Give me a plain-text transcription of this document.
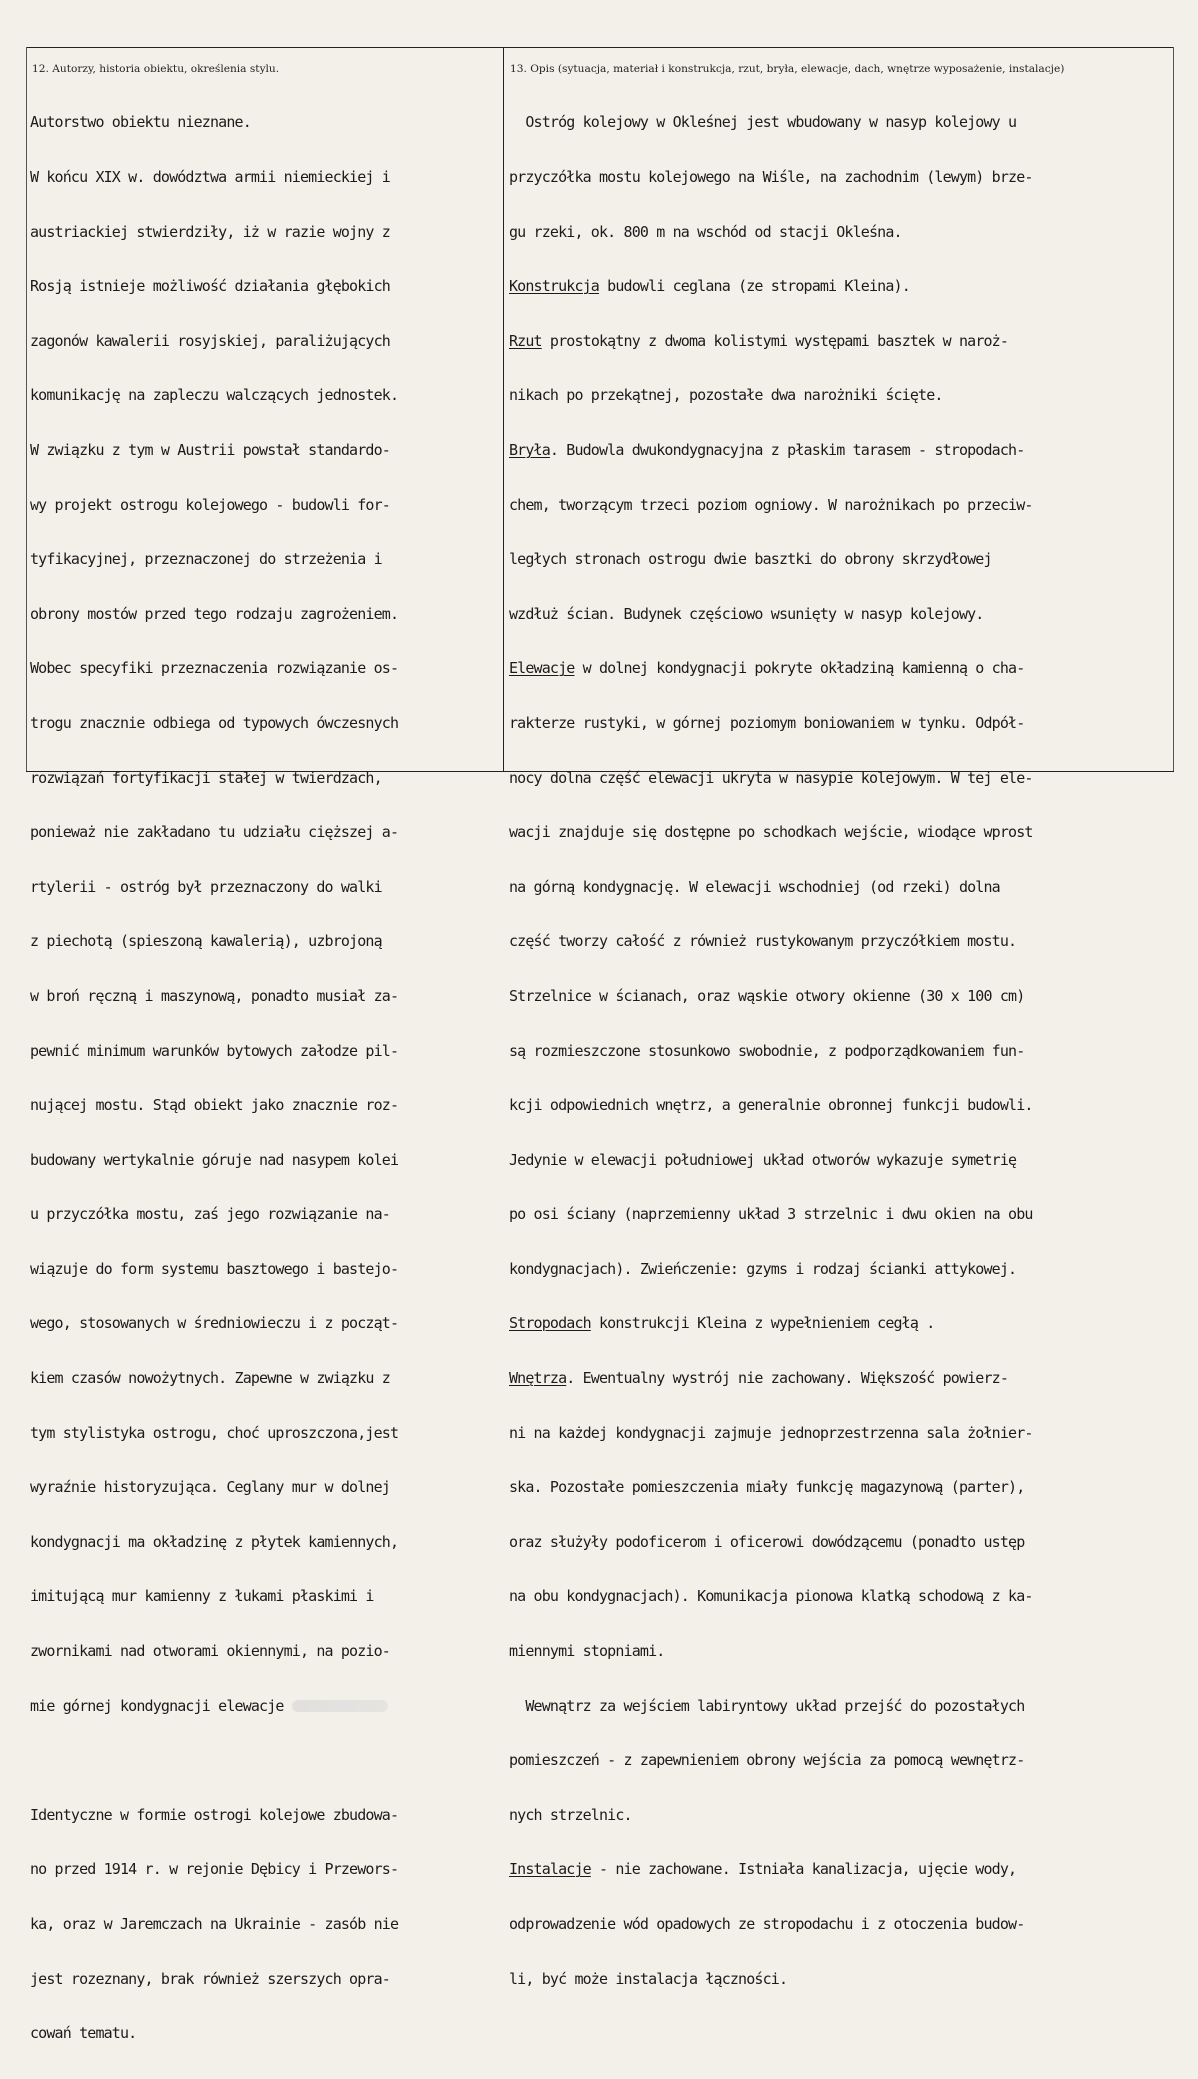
12. Autorzy, historia obiektu, określenia stylu.	13. Opis (sytuacja, materiał i konstrukcja, rzut, bryła, elewacje, dach, wnętrze wyposażenie, instalacje)

Autorstwo obiektu nieznane.

W końcu XIX w. dowództwa armii niemieckiej i

austriackiej stwierdziły, iż w razie wojny z

Rosją istnieje możliwość działania głębokich

zagonów kawalerii rosyjskiej, paraliżujących

komunikację na zapleczu walczących jednostek.

W związku z tym w Austrii powstał standardo-

wy projekt ostrogu kolejowego - budowli for-

tyfikacyjnej, przeznaczonej do strzeżenia i

obrony mostów przed tego rodzaju zagrożeniem.

Wobec specyfiki przeznaczenia rozwiązanie os-

trogu znacznie odbiega od typowych ówczesnych

rozwiązań fortyfikacji stałej w twierdzach,

ponieważ nie zakładano tu udziału cięższej a-

rtylerii - ostróg był przeznaczony do walki

z piechotą (spieszoną kawalerią), uzbrojoną

w broń ręczną i maszynową, ponadto musiał za-

pewnić minimum warunków bytowych załodze pil-

nującej mostu. Stąd obiekt jako znacznie roz-

budowany wertykalnie góruje nad nasypem kolei

u przyczółka mostu, zaś jego rozwiązanie na-

wiązuje do form systemu basztowego i bastejo-

wego, stosowanych w średniowieczu i z począt-

kiem czasów nowożytnych. Zapewne w związku z

tym stylistyka ostrogu, choć uproszczona,jest

wyraźnie historyzująca. Ceglany mur w dolnej

kondygnacji ma okładzinę z płytek kamiennych,

imitującą mur kamienny z łukami płaskimi i

zwornikami nad otworami okiennymi, na pozio-

mie górnej kondygnacji elewacje

Identyczne w formie ostrogi kolejowe zbudowa-

no przed 1914 r. w rejonie Dębicy i Przewors-

ka, oraz w Jaremczach na Ukrainie - zasób nie

jest rozeznany, brak również szerszych opra-

cowań tematu.

Ostróg kolejowy w Okleśnej jest wbudowany w nasyp kolejowy u

przyczółka mostu kolejowego na Wiśle, na zachodnim (lewym) brze-

gu rzeki, ok. 800 m na wschód od stacji Okleśna.

Konstrukcja budowli ceglana (ze stropami Kleina).

Rzut prostokątny z dwoma kolistymi występami basztek w naroż-

nikach po przekątnej, pozostałe dwa narożniki ścięte.

Bryła. Budowla dwukondygnacyjna z płaskim tarasem - stropodach-

chem, tworzącym trzeci poziom ogniowy. W narożnikach po przeciw-

ległych stronach ostrogu dwie basztki do obrony skrzydłowej

wzdłuż ścian. Budynek częściowo wsunięty w nasyp kolejowy.

Elewacje w dolnej kondygnacji pokryte okładziną kamienną o cha-

rakterze rustyki, w górnej poziomym boniowaniem w tynku. Odpół-

nocy dolna część elewacji ukryta w nasypie kolejowym. W tej ele-

wacji znajduje się dostępne po schodkach wejście, wiodące wprost

na górną kondygnację. W elewacji wschodniej (od rzeki) dolna

część tworzy całość z również rustykowanym przyczółkiem mostu.

Strzelnice w ścianach, oraz wąskie otwory okienne (30 x 100 cm)

są rozmieszczone stosunkowo swobodnie, z podporządkowaniem fun-

kcji odpowiednich wnętrz, a generalnie obronnej funkcji budowli.

Jedynie w elewacji południowej układ otworów wykazuje symetrię

po osi ściany (naprzemienny układ 3 strzelnic i dwu okien na obu

kondygnacjach). Zwieńczenie: gzyms i rodzaj ścianki attykowej.

Stropodach konstrukcji Kleina z wypełnieniem cegłą .

Wnętrza. Ewentualny wystrój nie zachowany. Większość powierz-

ni na każdej kondygnacji zajmuje jednoprzestrzenna sala żołnier-

ska. Pozostałe pomieszczenia miały funkcję magazynową (parter),

oraz służyły podoficerom i oficerowi dowódzącemu (ponadto ustęp

na obu kondygnacjach). Komunikacja pionowa klatką schodową z ka-

miennymi stopniami.

Wewnątrz za wejściem labiryntowy układ przejść do pozostałych

pomieszczeń - z zapewnieniem obrony wejścia za pomocą wewnętrz-

nych strzelnic.

Instalacje - nie zachowane. Istniała kanalizacja, ujęcie wody,

odprowadzenie wód opadowych ze stropodachu i z otoczenia budow-

li, być może instalacja łączności.
